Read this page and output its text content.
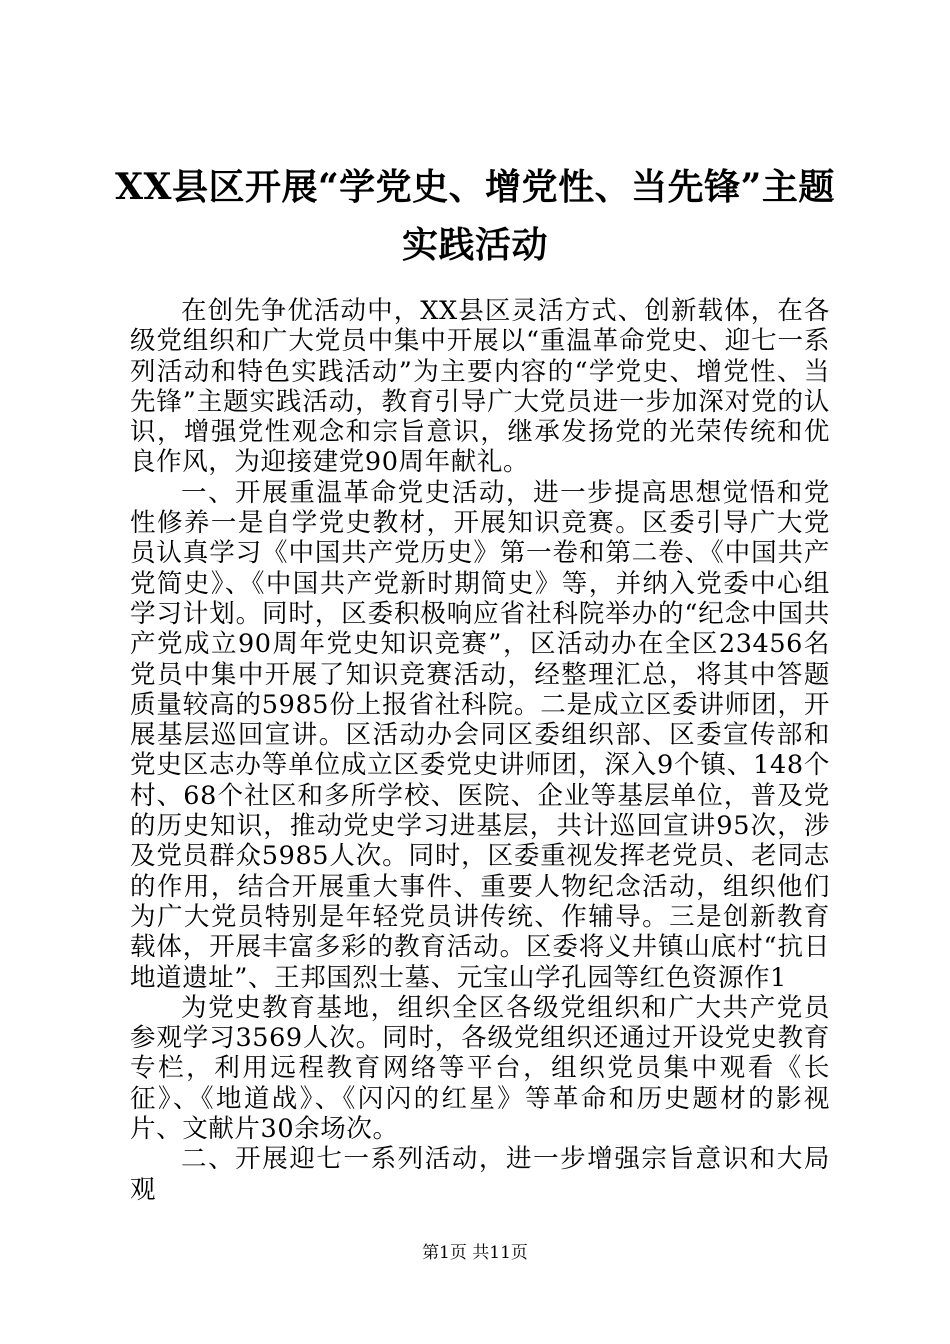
XX县区开展“学党史、增党性、当先锋”主题实践活动

在创先争优活动中，XX县区灵活方式、创新载体，在各级党组织和广大党员中集中开展以“重温革命党史、迎七一系列活动和特色实践活动”为主要内容的“学党史、增党性、当先锋”主题实践活动，教育引导广大党员进一步加深对党的认识，增强党性观念和宗旨意识，继承发扬党的光荣传统和优良作风，为迎接建党90周年献礼。

一、开展重温革命党史活动，进一步提高思想觉悟和党性修养一是自学党史教材，开展知识竞赛。区委引导广大党员认真学习《中国共产党历史》第一卷和第二卷、《中国共产党简史》、《中国共产党新时期简史》等，并纳入党委中心组学习计划。同时，区委积极响应省社科院举办的“纪念中国共产党成立90周年党史知识竞赛”，区活动办在全区23456名党员中集中开展了知识竞赛活动，经整理汇总，将其中答题质量较高的5985份上报省社科院。二是成立区委讲师团，开展基层巡回宣讲。区活动办会同区委组织部、区委宣传部和党史区志办等单位成立区委党史讲师团，深入9个镇、148个村、68个社区和多所学校、医院、企业等基层单位，普及党的历史知识，推动党史学习进基层，共计巡回宣讲95次，涉及党员群众5985人次。同时，区委重视发挥老党员、老同志的作用，结合开展重大事件、重要人物纪念活动，组织他们为广大党员特别是年轻党员讲传统、作辅导。三是创新教育载体，开展丰富多彩的教育活动。区委将义井镇山底村“抗日地道遗址”、王邦国烈士墓、元宝山学孔园等红色资源作1

为党史教育基地，组织全区各级党组织和广大共产党员参观学习3569人次。同时，各级党组织还通过开设党史教育专栏，利用远程教育网络等平台，组织党员集中观看《长征》、《地道战》、《闪闪的红星》等革命和历史题材的影视片、文献片30余场次。

二、开展迎七一系列活动，进一步增强宗旨意识和大局观

第1页 共11页
